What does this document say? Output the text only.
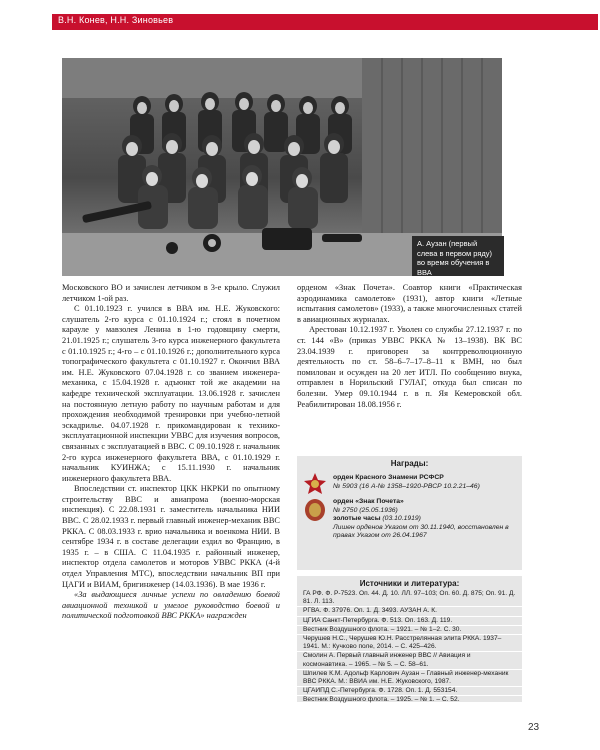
В.Н. Конев, Н.Н. Зиновьев
А. Аузан (первый слева в первом ряду) во время обучения в ВВА

Московского ВО и зачислен летчиком в 3-е крыло. Служил летчиком 1-ой раз.

С 01.10.1923 г. учился в ВВА им. Н.Е. Жуковского: слушатель 2-го курса с 01.10.1924 г.; стоял в почетном карауле у мавзолея Ленина в 1-ю годовщину смерти, 21.01.1925 г.; слушатель 3-го курса инженерного факультета с 01.10.1925 г.; 4-го – с 01.10.1926 г.; дополнительного курса топографического факультета с 01.10.1927 г. Окончил ВВА им. Н.Е. Жуковского 07.04.1928 г. со званием инженера-механика, с 15.04.1928 г. адъюнкт той же академии на кафедре технической эксплуатации. 13.06.1928 г. зачислен на постоянную летную работу по научным работам и для прохождения необходимой тренировки при учебно-летной эскадрилье. 04.07.1928 г. прикомандирован к технико-эксплуатационной инспекции УВВС для изучения вопросов, связанных с эксплуатацией в ВВС. С 09.10.1928 г. начальник 2-го курса инженерного факультета ВВА, с 01.10.1929 г. начальник КУИНЖА; с 15.11.1930 г. начальник инженерного факультета ВВА.

Впоследствии ст. инспектор ЦКК НКРКИ по опытному строительству ВВС и авиапрома (военно-морская инспекция). С 22.08.1931 г. заместитель начальника НИИ ВВС. С 28.02.1933 г. первый главный инженер-механик ВВС РККА. С 08.03.1933 г. врио начальника и военкома НИИ. В сентябре 1934 г. в составе делегации ездил во Францию, в 1935 г. – в США. С 11.04.1935 г. районный инженер, инспектор отдела самолетов и моторов УВВС РККА (4-й отдел Управления МТС), впоследствии начальник ВП при ЦАГИ и ВИАМ, бригинженер (14.03.1936). В мае 1936 г.

«За выдающиеся личные успехи по овладению боевой авиационной техникой и умелое руководство боевой и политической подготовкой ВВС РККА» награжден

орденом «Знак Почета». Соавтор книги «Практическая аэродинамика самолетов» (1931), автор книги «Летные испытания самолетов» (1933), а также многочисленных статей в авиационных журналах.

Арестован 10.12.1937 г. Уволен со службы 27.12.1937 г. по ст. 144 «В» (приказ УВВС РККА № 13–1938). ВК ВС 23.04.1939 г. приговорен за контрреволюционную деятельность по ст. 58–6–7–17–8–11 к ВМН, но был помилован и осужден на 20 лет ИТЛ. По сообщению внука, отправлен в Норильский ГУЛАГ, откуда был списан по болезни. Умер 09.10.1944 г. в п. Яя Кемеровской обл. Реабилитирован 18.08.1956 г.

Награды:
орден Красного Знамени РСФСР
№ 5903 (16 А-№ 1358–1920-РВСР 10.2.21–46)
орден «Знак Почета»
№ 2750 (25.05.1936)
золотые часы (03.10.1919)
Лишен орденов Указом от 30.11.1940, восстановлен в правах Указом от 26.04.1967
Источники и литература:
ГА РФ. Ф. Р-7523. Оп. 44. Д. 10. ЛЛ. 97–103; Оп. 60. Д. 875; Оп. 91. Д. 81. Л. 113.
РГВА. Ф. 37976. Оп. 1. Д. 3493. АУЗАН А. К.
ЦГИА Санкт-Петербурга. Ф. 513. Оп. 163. Д. 119.
Вестник Воздушного флота. – 1921. – № 1–2. С. 30.
Черушев Н.С., Черушев Ю.Н. Расстрелянная элита РККА. 1937–1941. М.: Кучково поле, 2014. – С. 425–426.
Смолин А. Первый главный инженер ВВС // Авиация и космонавтика. – 1965. – № 5. – С. 58–61.
Шпилев К.М. Адольф Карлович Аузан – Главный инженер-механик ВВС РККА. М.: ВВИА им. Н.Е. Жуковского, 1987.
ЦГАИПД С.-Петербурга. Ф. 1728. Оп. 1. Д. 553154.
Вестник Воздушного флота. – 1925. – № 1. – С. 52.
23
